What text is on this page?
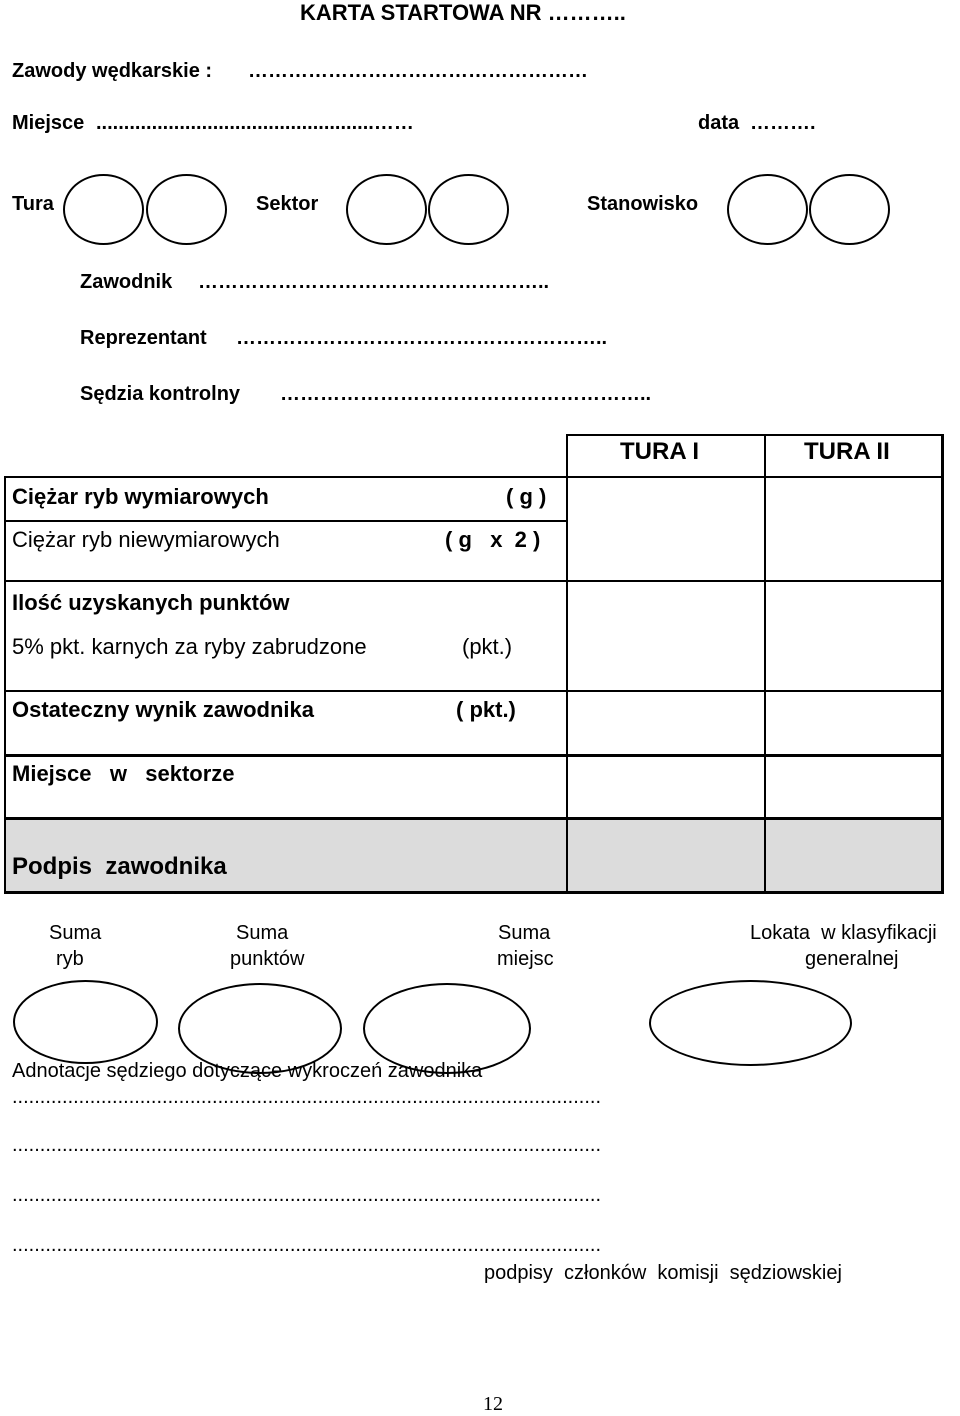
KARTA STARTOWA NR ………..
Zawody wędkarskie : ……………………………………………
Miejsce ..................................................……	data ……….
Tura	Sektor	Stanowisko
Zawodnik ……………………………………………..
Reprezentant ………………………………………………..
Sędzia kontrolny ………………………………………………..
TURA I	TURA II
Ciężar ryb wymiarowych	( g )
Ciężar ryb niewymiarowych	( g   x  2 )
Ilość uzyskanych punktów
5% pkt. karnych za ryby zabrudzone	(pkt.)
Ostateczny wynik zawodnika	( pkt.)
Miejsce   w   sektorze
Podpis  zawodnika
Suma
ryb
Suma
punktów
Suma
miejsc
Lokata  w klasyfikacji
generalnej
Adnotacje sędziego dotyczące wykroczeń zawodnika
..........................................................................................................
..........................................................................................................
..........................................................................................................
..........................................................................................................
podpisy  członków  komisji  sędziowskiej
12
